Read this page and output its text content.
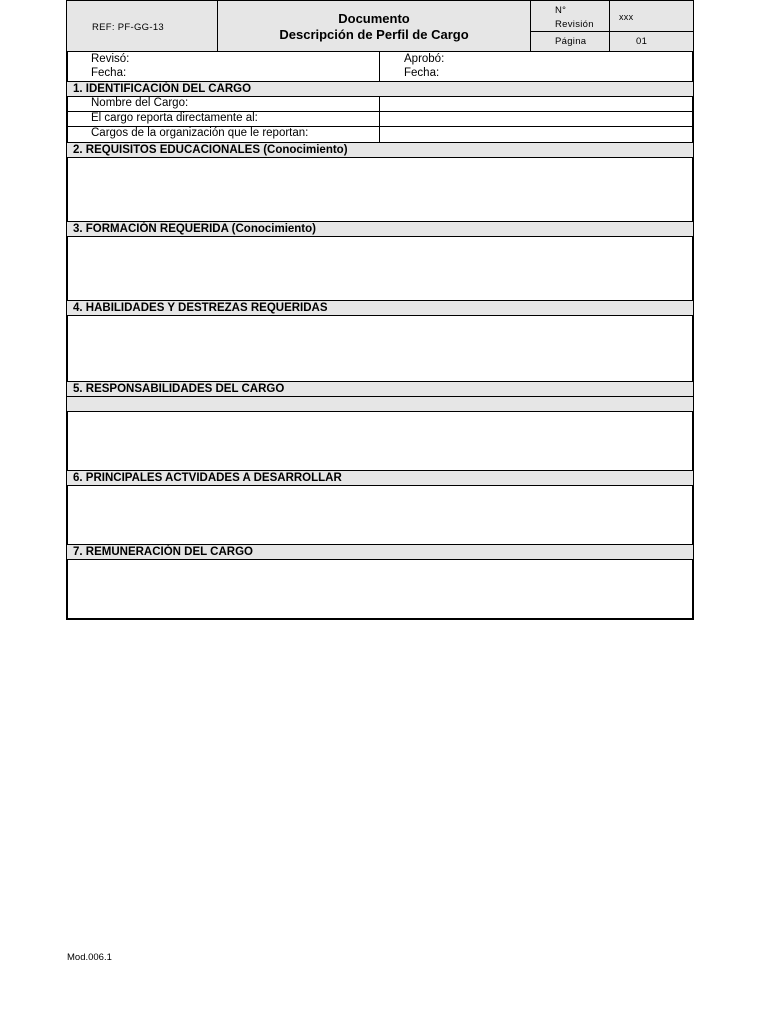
REF: PF-GG-13
Documento
Descripción de Perfil de Cargo
N°
Revisión
xxx
Página	01
Revisó:
Fecha:
Aprobó:
Fecha:
1. IDENTIFICACIÓN DEL CARGO
Nombre del Cargo:
El cargo reporta directamente al:
Cargos de la organización que le reportan:
2. REQUISITOS EDUCACIONALES (Conocimiento)
3. FORMACIÓN REQUERIDA (Conocimiento)
4. HABILIDADES Y DESTREZAS REQUERIDAS
5. RESPONSABILIDADES DEL CARGO
6. PRINCIPALES ACTVIDADES A DESARROLLAR
7. REMUNERACIÓN DEL CARGO
Mod.006.1
